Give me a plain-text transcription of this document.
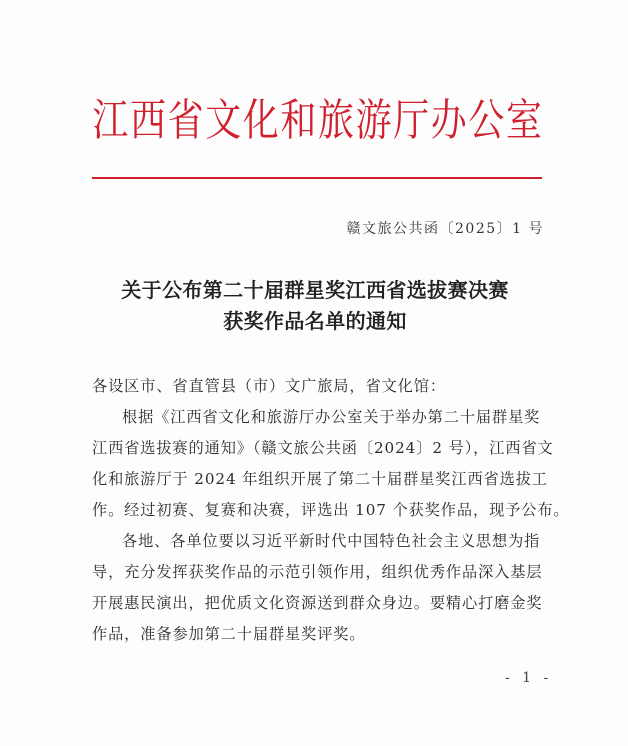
江西省文化和旅游厅办公室
赣文旅公共函〔2025〕1 号
关于公布第二十届群星奖江西省选拔赛决赛
获奖作品名单的通知
各设区市、省直管县（市）文广旅局，省文化馆：

根据《江西省文化和旅游厅办公室关于举办第二十届群星奖
江西省选拔赛的通知》（赣文旅公共函〔2024〕2 号），江西省文
化和旅游厅于 2024 年组织开展了第二十届群星奖江西省选拔工
作。经过初赛、复赛和决赛，评选出 107 个获奖作品，现予公布。

各地、各单位要以习近平新时代中国特色社会主义思想为指
导，充分发挥获奖作品的示范引领作用，组织优秀作品深入基层
开展惠民演出，把优质文化资源送到群众身边。要精心打磨金奖
作品，准备参加第二十届群星奖评奖。

- 1 -
